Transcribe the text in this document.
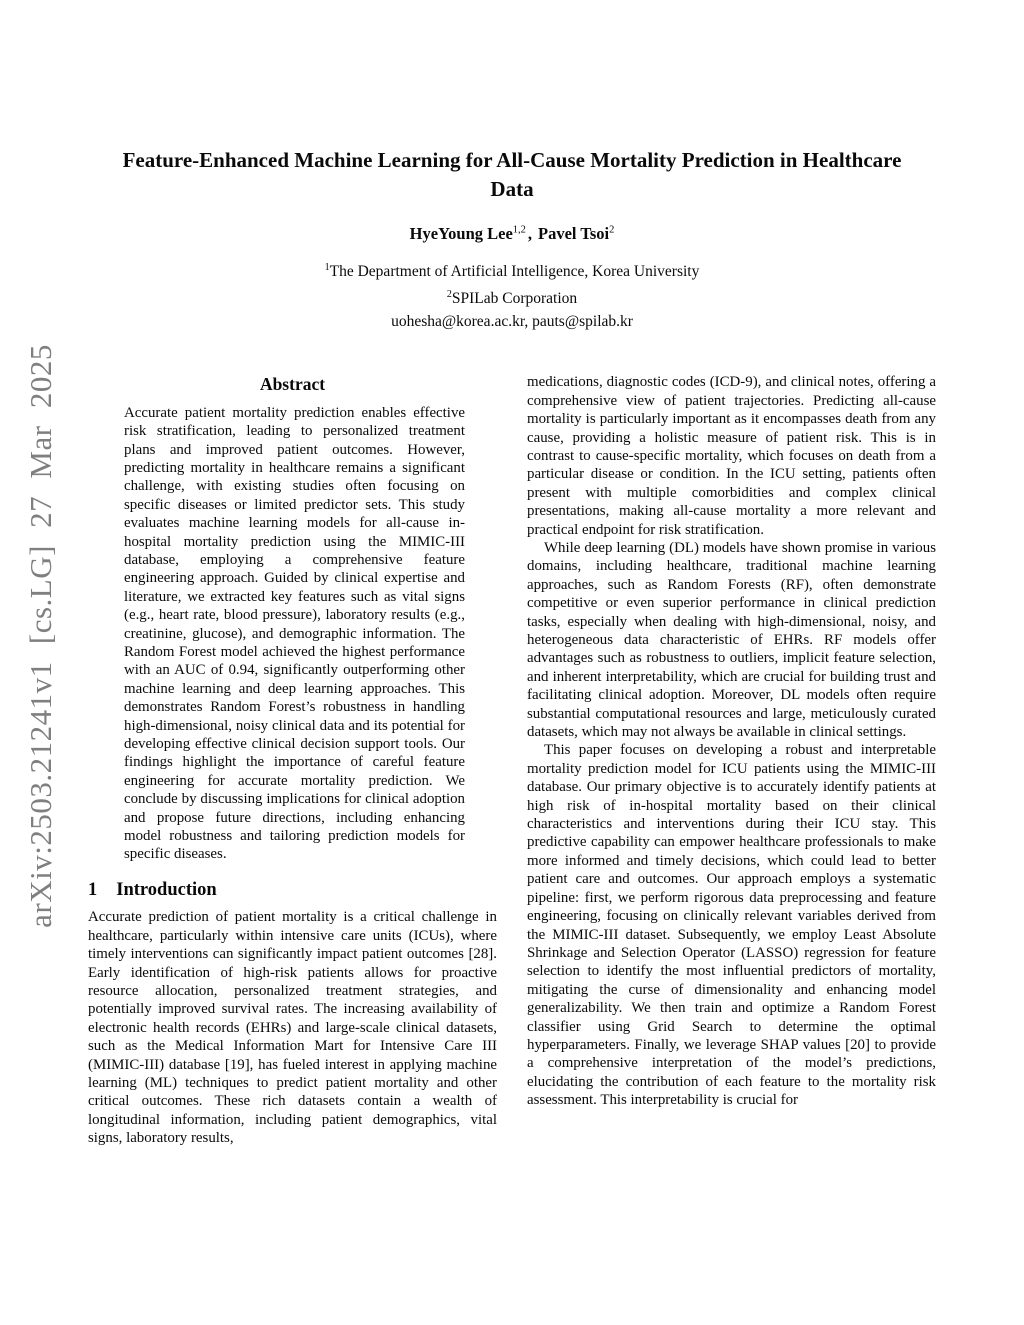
arXiv:2503.21241v1 [cs.LG] 27 Mar 2025
Feature-Enhanced Machine Learning for All-Cause Mortality Prediction in Healthcare Data
HyeYoung Lee$^{1,2}$ , Pavel Tsoi$^2$
$^1$The Department of Artificial Intelligence, Korea University
$^2$SPILab Corporation
uohesha@korea.ac.kr, pauts@spilab.kr
Abstract

Accurate patient mortality prediction enables effective risk stratification, leading to personalized treatment plans and improved patient outcomes. However, predicting mortality in healthcare remains a significant challenge, with existing studies often focusing on specific diseases or limited predictor sets. This study evaluates machine learning models for all-cause in-hospital mortality prediction using the MIMIC-III database, employing a comprehensive feature engineering approach. Guided by clinical expertise and literature, we extracted key features such as vital signs (e.g., heart rate, blood pressure), laboratory results (e.g., creatinine, glucose), and demographic information. The Random Forest model achieved the highest performance with an AUC of 0.94, significantly outperforming other machine learning and deep learning approaches. This demonstrates Random Forest’s robustness in handling high-dimensional, noisy clinical data and its potential for developing effective clinical decision support tools. Our findings highlight the importance of careful feature engineering for accurate mortality prediction. We conclude by discussing implications for clinical adoption and propose future directions, including enhancing model robustness and tailoring prediction models for specific diseases.

1 Introduction

Accurate prediction of patient mortality is a critical challenge in healthcare, particularly within intensive care units (ICUs), where timely interventions can significantly impact patient outcomes [28]. Early identification of high-risk patients allows for proactive resource allocation, personalized treatment strategies, and potentially improved survival rates. The increasing availability of electronic health records (EHRs) and large-scale clinical datasets, such as the Medical Information Mart for Intensive Care III (MIMIC-III) database [19], has fueled interest in applying machine learning (ML) techniques to predict patient mortality and other critical outcomes. These rich datasets contain a wealth of longitudinal information, including patient demographics, vital signs, laboratory results,

medications, diagnostic codes (ICD-9), and clinical notes, offering a comprehensive view of patient trajectories. Predicting all-cause mortality is particularly important as it encompasses death from any cause, providing a holistic measure of patient risk. This is in contrast to cause-specific mortality, which focuses on death from a particular disease or condition. In the ICU setting, patients often present with multiple comorbidities and complex clinical presentations, making all-cause mortality a more relevant and practical endpoint for risk stratification.

While deep learning (DL) models have shown promise in various domains, including healthcare, traditional machine learning approaches, such as Random Forests (RF), often demonstrate competitive or even superior performance in clinical prediction tasks, especially when dealing with high-dimensional, noisy, and heterogeneous data characteristic of EHRs. RF models offer advantages such as robustness to outliers, implicit feature selection, and inherent interpretability, which are crucial for building trust and facilitating clinical adoption. Moreover, DL models often require substantial computational resources and large, meticulously curated datasets, which may not always be available in clinical settings.

This paper focuses on developing a robust and interpretable mortality prediction model for ICU patients using the MIMIC-III database. Our primary objective is to accurately identify patients at high risk of in-hospital mortality based on their clinical characteristics and interventions during their ICU stay. This predictive capability can empower healthcare professionals to make more informed and timely decisions, which could lead to better patient care and outcomes. Our approach employs a systematic pipeline: first, we perform rigorous data preprocessing and feature engineering, focusing on clinically relevant variables derived from the MIMIC-III dataset. Subsequently, we employ Least Absolute Shrinkage and Selection Operator (LASSO) regression for feature selection to identify the most influential predictors of mortality, mitigating the curse of dimensionality and enhancing model generalizability. We then train and optimize a Random Forest classifier using Grid Search to determine the optimal hyperparameters. Finally, we leverage SHAP values [20] to provide a comprehensive interpretation of the model’s predictions, elucidating the contribution of each feature to the mortality risk assessment. This interpretability is crucial for
